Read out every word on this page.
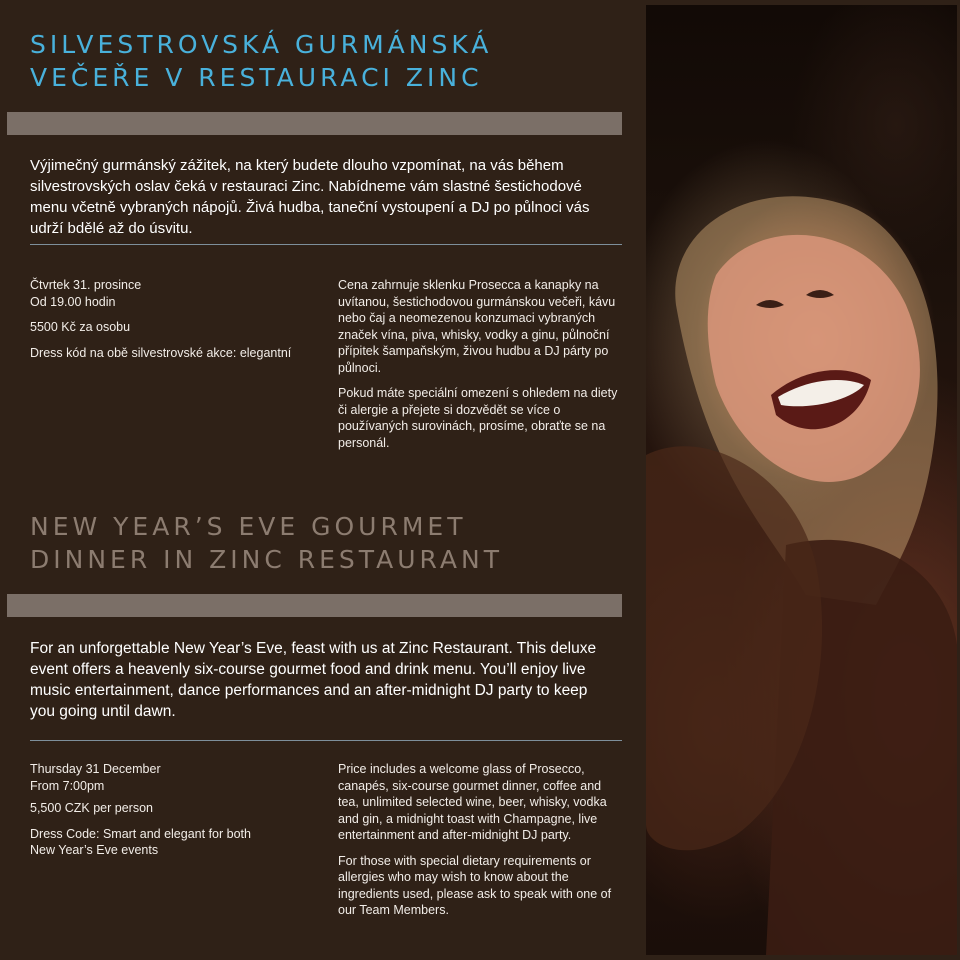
SILVESTROVSKÁ GURMÁNSKÁ
VEČEŘE V RESTAURACI ZINC

Výjimečný gurmánský zážitek, na který budete dlouho vzpomínat, na vás během silvestrovských oslav čeká v restauraci Zinc. Nabídneme vám slastné šestichodové menu včetně vybraných nápojů. Živá hudba, taneční vystoupení a DJ po půlnoci vás udrží bdělé až do úsvitu.

Čtvrtek 31. prosince

Od 19.00 hodin

5500 Kč za osobu

Dress kód na obě silvestrovské akce: elegantní

Cena zahrnuje sklenku Prosecca a kanapky na uvítanou, šestichodovou gurmánskou večeři, kávu nebo čaj a neomezenou konzumaci vybraných značek vína, piva, whisky, vodky a ginu, půlnoční přípitek šampaňským, živou hudbu a DJ párty po půlnoci.

Pokud máte speciální omezení s ohledem na diety či alergie a přejete si dozvědět se více o používaných surovinách, prosíme, obraťte se na personál.

NEW YEAR’S EVE GOURMET
DINNER IN ZINC RESTAURANT

For an unforgettable New Year’s Eve, feast with us at Zinc Restaurant. This deluxe event offers a heavenly six-course gourmet food and drink menu. You’ll enjoy live music entertainment, dance performances and an after-midnight DJ party to keep you going until dawn.

Thursday 31 December

From 7:00pm

5,500 CZK per person

Dress Code: Smart and elegant for both

New Year’s Eve events

Price includes a welcome glass of Prosecco, canapés, six-course gourmet dinner, coffee and tea, unlimited selected wine, beer, whisky, vodka and gin, a midnight toast with Champagne, live entertainment and after-midnight DJ party.

For those with special dietary requirements or allergies who may wish to know about the ingredients used, please ask to speak with one of our Team Members.
